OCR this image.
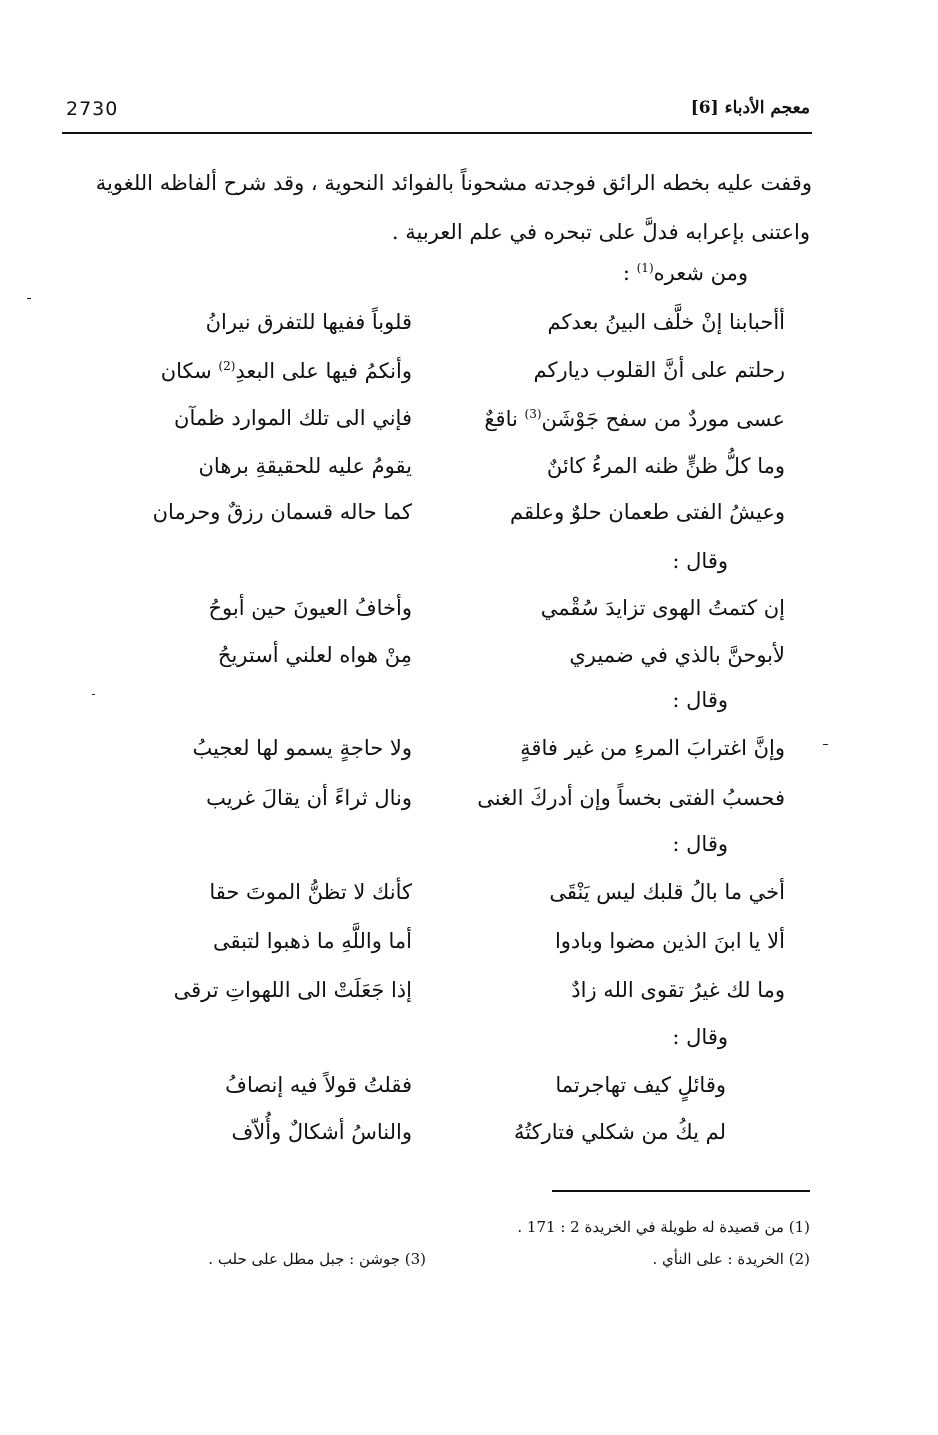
2730	معجم الأدباء [6]
وقفت عليه بخطه الرائق فوجدته مشحوناً بالفوائد النحوية ، وقد شرح ألفاظه اللغوية
واعتنى بإعرابه فدلَّ على تبحره في علم العربية .
ومن شعره$^{(1)}$ :
أأحبابنا إنْ خلَّف البينُ بعدكم
قلوباً ففيها للتفرق نيرانُ
رحلتم على أنَّ القلوب دياركم
وأنكمُ فيها على البعدِ$^{(2)}$ سكان
عسى موردٌ من سفح جَوْشَن$^{(3)}$ ناقعٌ
فإني الى تلك الموارد ظمآن
وما كلُّ ظنٍّ ظنه المرءُ كائنٌ
يقومُ عليه للحقيقةِ برهان
وعيشُ الفتى طعمان حلوٌ وعلقم
كما حاله قسمان رزقٌ وحرمان
وقال :
إن كتمتُ الهوى تزايدَ سُقْمي
وأخافُ العيونَ حين أبوحُ
لأبوحنَّ بالذي في ضميري
مِنْ هواه لعلني أستريحُ
وقال :
وإنَّ اغترابَ المرءِ من غير فاقةٍ
ولا حاجةٍ يسمو لها لعجيبُ
فحسبُ الفتى بخساً وإن أدركَ الغنى
ونال ثراءً أن يقالَ غريب
وقال :
أخي ما بالُ قلبك ليس يَنْقَى
كأنك لا تظنُّ الموتَ حقا
ألا يا ابنَ الذين مضوا وبادوا
أما واللَّهِ ما ذهبوا لتبقى
وما لك غيرُ تقوى الله زادٌ
إذا جَعَلَتْ الى اللهواتِ ترقى
وقال :
وقائلٍ كيف تهاجرتما
فقلتُ قولاً فيه إنصافُ
لم يكُ من شكلي فتاركتُهُ
والناسُ أشكالٌ وأُلاّف
(1) من قصيدة له طويلة في الخريدة 2 : 171 .
(2) الخريدة : على النأي .
(3) جوشن : جبل مطل على حلب .
